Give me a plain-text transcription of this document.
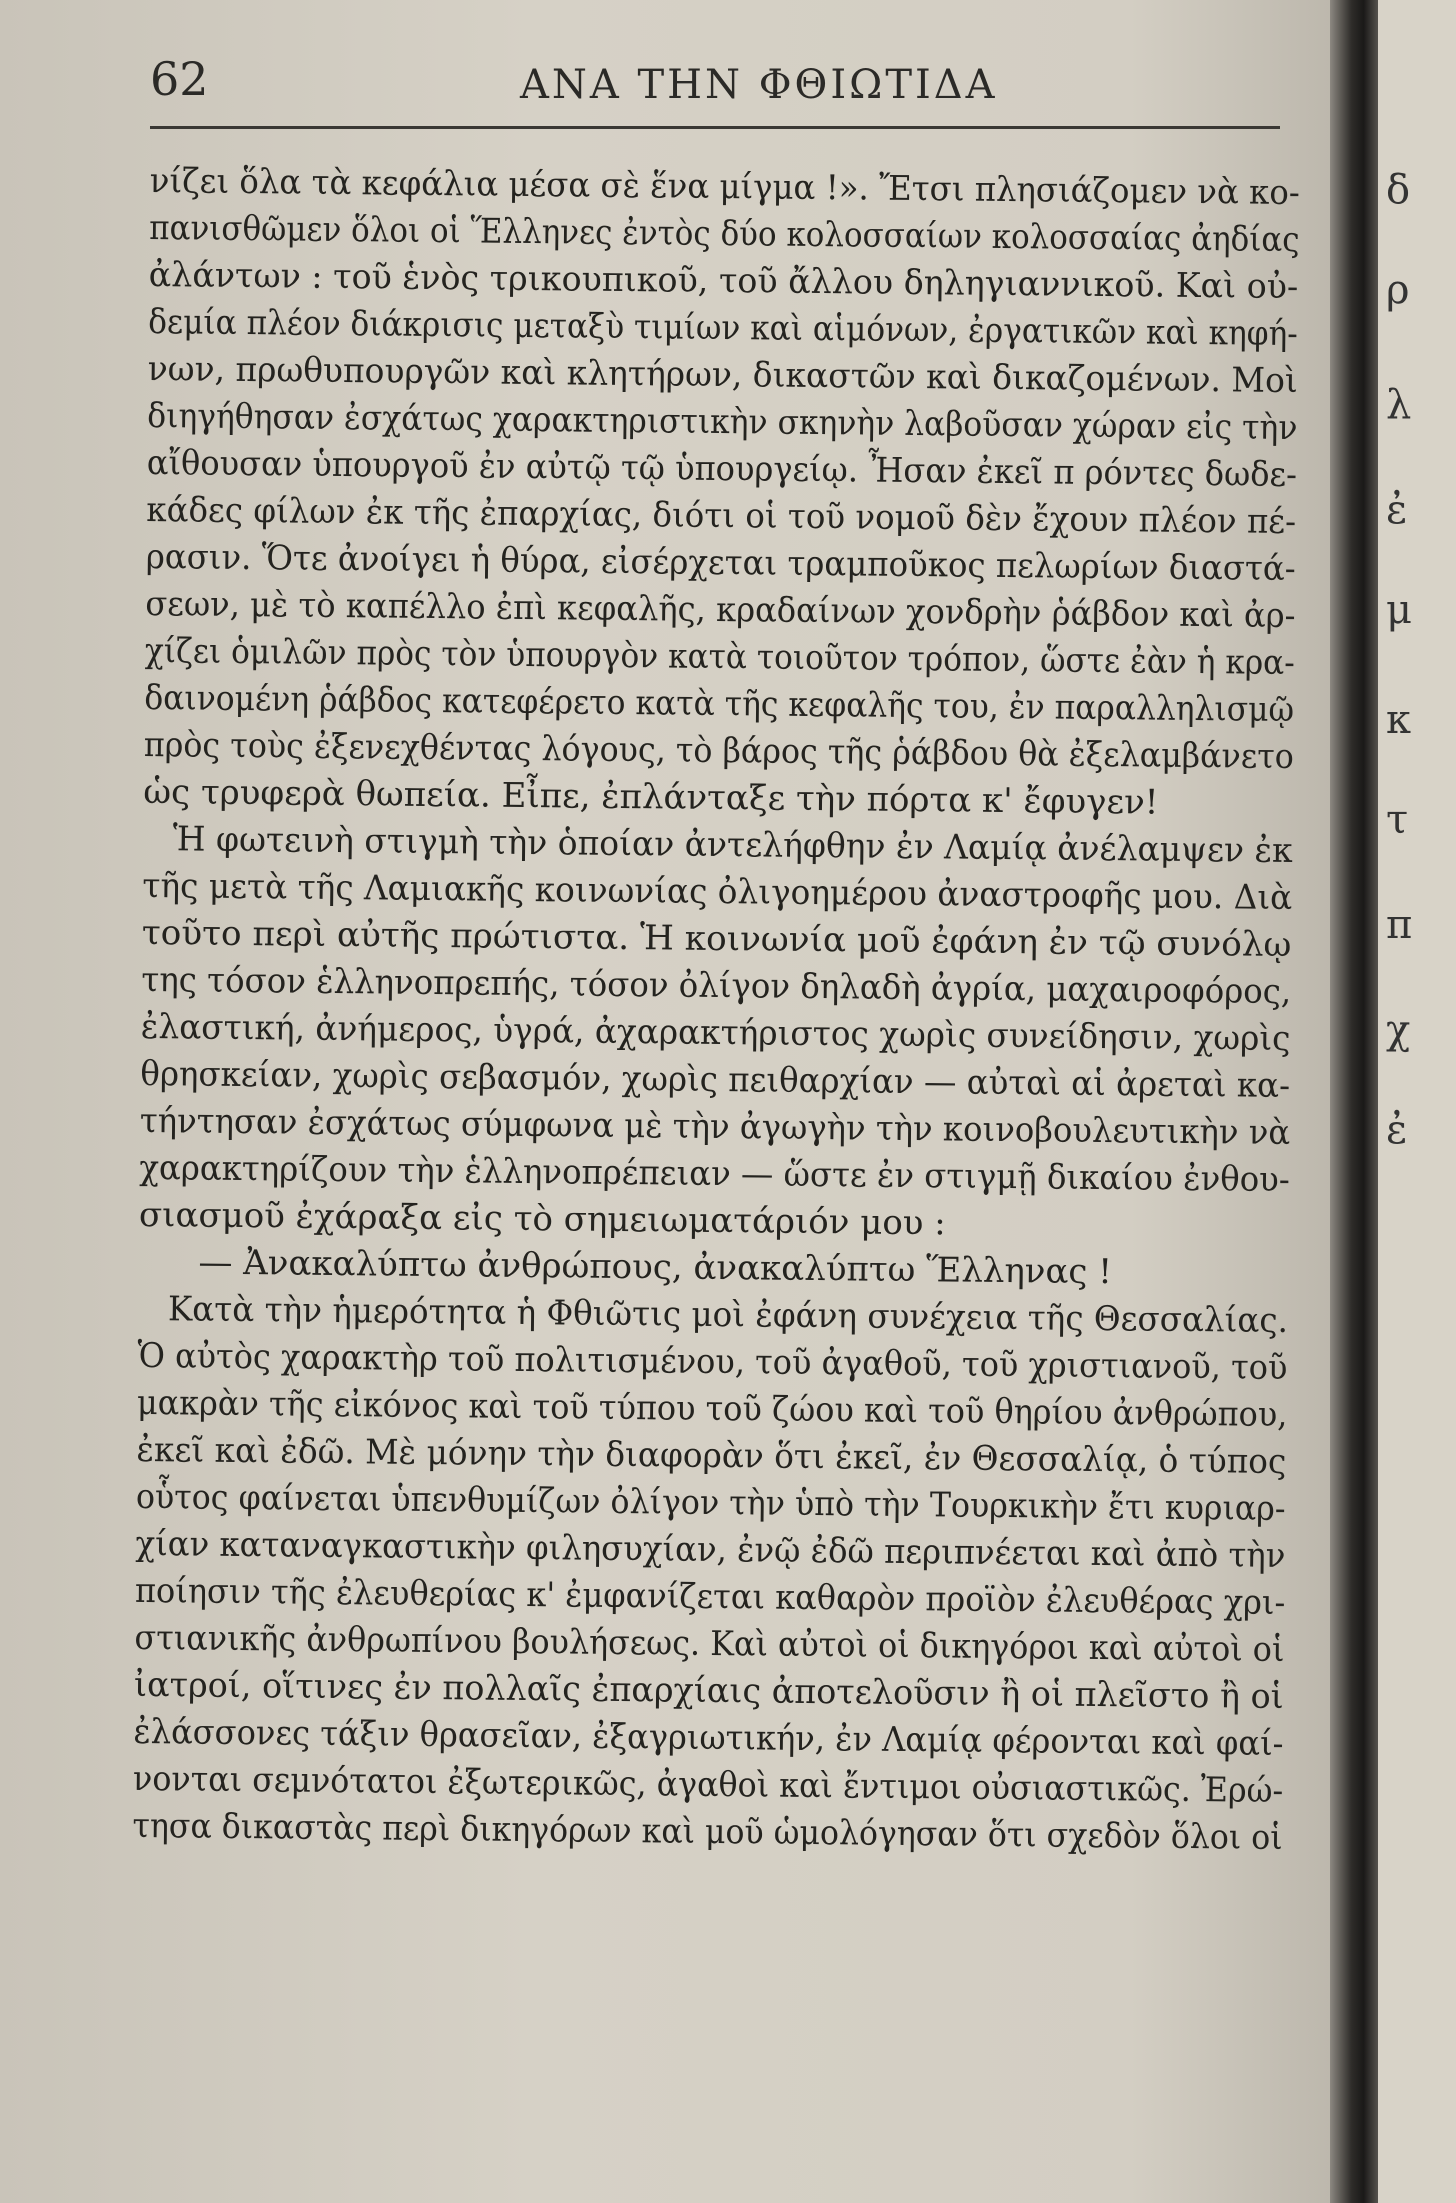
62	ΑΝΑ ΤΗΝ ΦΘΙΩΤΙΔΑ
νίζει ὅλα τὰ κεφάλια μέσα σὲ ἕνα μίγμα !». Ἔτσι πλησιάζομεν νὰ κο-
πανισθῶμεν ὅλοι οἱ Ἕλληνες ἐντὸς δύο κολοσσαίων κολοσσαίας ἀηδίας
ἀλάντων : τοῦ ἑνὸς τρικουπικοῦ, τοῦ ἄλλου δηληγιαννικοῦ. Καὶ οὐ-
δεμία πλέον διάκρισις μεταξὺ τιμίων καὶ αἱμόνων, ἐργατικῶν καὶ κηφή-
νων, πρωθυπουργῶν καὶ κλητήρων, δικαστῶν καὶ δικαζομένων. Μοὶ
διηγήθησαν ἐσχάτως χαρακτηριστικὴν σκηνὴν λαβοῦσαν χώραν εἰς τὴν
αἴθουσαν ὑπουργοῦ ἐν αὐτῷ τῷ ὑπουργείῳ. Ἦσαν ἐκεῖ π ρόντες δωδε-
κάδες φίλων ἐκ τῆς ἐπαρχίας, διότι οἱ τοῦ νομοῦ δὲν ἔχουν πλέον πέ-
ρασιν. Ὅτε ἀνοίγει ἡ θύρα, εἰσέρχεται τραμποῦκος πελωρίων διαστά-
σεων, μὲ τὸ καπέλλο ἐπὶ κεφαλῆς, κραδαίνων χονδρὴν ῥάβδον καὶ ἀρ-
χίζει ὁμιλῶν πρὸς τὸν ὑπουργὸν κατὰ τοιοῦτον τρόπον, ὥστε ἐὰν ἡ κρα-
δαινομένη ῥάβδος κατεφέρετο κατὰ τῆς κεφαλῆς του, ἐν παραλληλισμῷ
πρὸς τοὺς ἐξενεχθέντας λόγους, τὸ βάρος τῆς ῥάβδου θὰ ἐξελαμβάνετο
ὡς τρυφερὰ θωπεία. Εἶπε, ἐπλάνταξε τὴν πόρτα κ' ἔφυγεν!
Ἡ φωτεινὴ στιγμὴ τὴν ὁποίαν ἀντελήφθην ἐν Λαμίᾳ ἀνέλαμψεν ἐκ
τῆς μετὰ τῆς Λαμιακῆς κοινωνίας ὀλιγοημέρου ἀναστροφῆς μου. Διὰ
τοῦτο περὶ αὐτῆς πρώτιστα. Ἡ κοινωνία μοῦ ἐφάνη ἐν τῷ συνόλῳ
της τόσον ἑλληνοπρεπής, τόσον ὀλίγον δηλαδὴ ἀγρία, μαχαιροφόρος,
ἐλαστική, ἀνήμερος, ὑγρά, ἀχαρακτήριστος χωρὶς συνείδησιν, χωρὶς
θρησκείαν, χωρὶς σεβασμόν, χωρὶς πειθαρχίαν — αὐταὶ αἱ ἀρεταὶ κα-
τήντησαν ἐσχάτως σύμφωνα μὲ τὴν ἀγωγὴν τὴν κοινοβουλευτικὴν νὰ
χαρακτηρίζουν τὴν ἑλληνοπρέπειαν — ὥστε ἐν στιγμῇ δικαίου ἐνθου-
σιασμοῦ ἐχάραξα εἰς τὸ σημειωματάριόν μου :
— Ἀνακαλύπτω ἀνθρώπους, ἀνακαλύπτω Ἕλληνας !
Κατὰ τὴν ἡμερότητα ἡ Φθιῶτις μοὶ ἐφάνη συνέχεια τῆς Θεσσαλίας.
Ὁ αὐτὸς χαρακτὴρ τοῦ πολιτισμένου, τοῦ ἀγαθοῦ, τοῦ χριστιανοῦ, τοῦ
μακρὰν τῆς εἰκόνος καὶ τοῦ τύπου τοῦ ζώου καὶ τοῦ θηρίου ἀνθρώπου,
ἐκεῖ καὶ ἐδῶ. Μὲ μόνην τὴν διαφορὰν ὅτι ἐκεῖ, ἐν Θεσσαλίᾳ, ὁ τύπος
οὗτος φαίνεται ὑπενθυμίζων ὀλίγον τὴν ὑπὸ τὴν Τουρκικὴν ἔτι κυριαρ-
χίαν καταναγκαστικὴν φιλησυχίαν, ἐνῷ ἐδῶ περιπνέεται καὶ ἀπὸ τὴν
ποίησιν τῆς ἐλευθερίας κ' ἐμφανίζεται καθαρὸν προϊὸν ἐλευθέρας χρι-
στιανικῆς ἀνθρωπίνου βουλήσεως. Καὶ αὐτοὶ οἱ δικηγόροι καὶ αὐτοὶ οἱ
ἰατροί, οἵτινες ἐν πολλαῖς ἐπαρχίαις ἀποτελοῦσιν ἢ οἱ πλεῖστο ἢ οἱ
ἐλάσσονες τάξιν θρασεῖαν, ἐξαγριωτικήν, ἐν Λαμίᾳ φέρονται καὶ φαί-
νονται σεμνότατοι ἐξωτερικῶς, ἀγαθοὶ καὶ ἔντιμοι οὐσιαστικῶς. Ἐρώ-
τησα δικαστὰς περὶ δικηγόρων καὶ μοῦ ὡμολόγησαν ὅτι σχεδὸν ὅλοι οἱ
δ
ρ
λ
ἐ
μ
κ
τ
π
χ
ἐ
